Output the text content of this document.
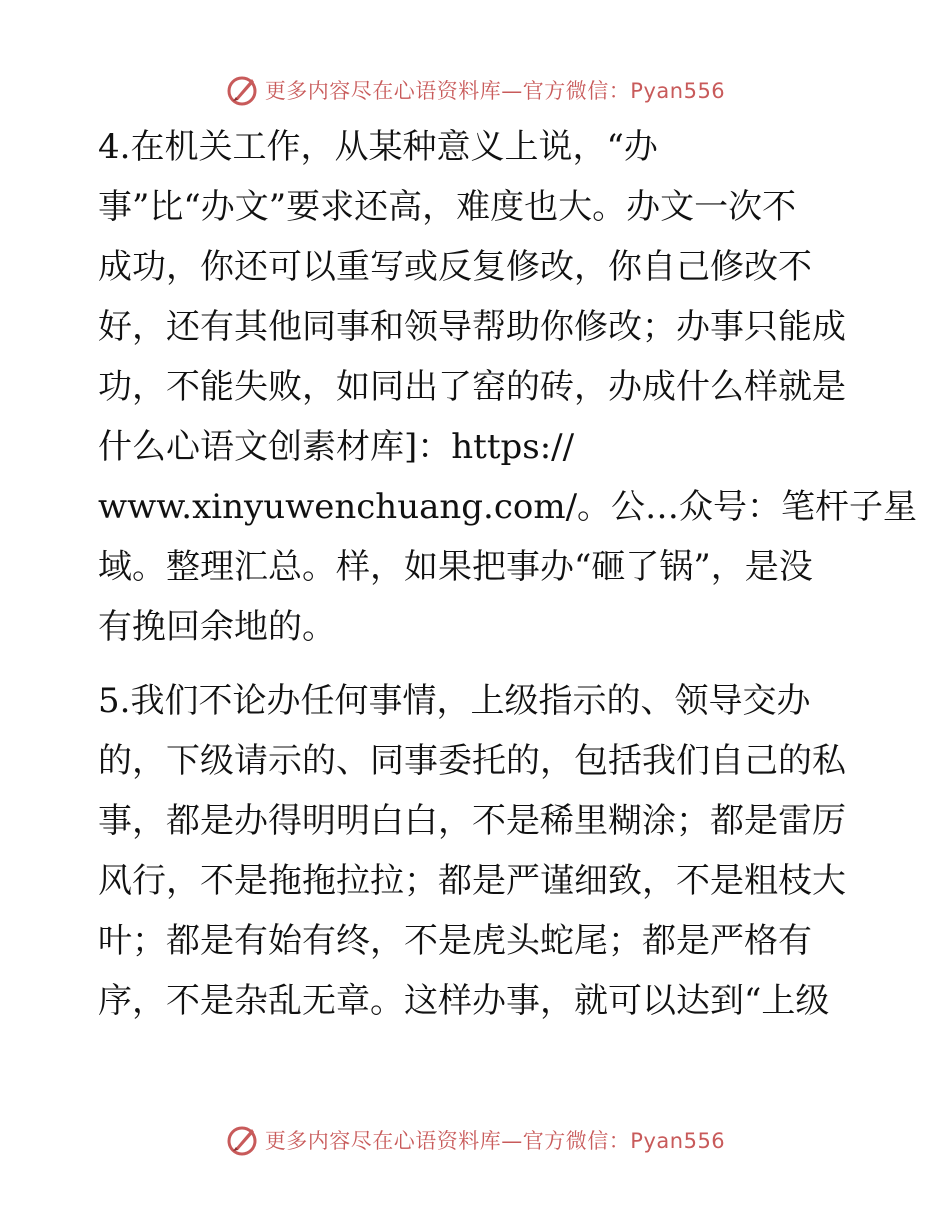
更多内容尽在心语资料库—官方微信：Pyan556
4.在机关工作，从某种意义上说，“办
事”比“办文”要求还高，难度也大。办文一次不
成功，你还可以重写或反复修改，你自己修改不
好，还有其他同事和领导帮助你修改；办事只能成
功，不能失败，如同出了窑的砖，办成什么样就是
什么心语文创素材库]：https://
www.xinyuwenchuang.com/。公…众号：笔杆子星
域。整理汇总。样，如果把事办“砸了锅”，是没
有挽回余地的。
5.我们不论办任何事情，上级指示的、领导交办
的，下级请示的、同事委托的，包括我们自己的私
事，都是办得明明白白，不是稀里糊涂；都是雷厉
风行，不是拖拖拉拉；都是严谨细致，不是粗枝大
叶；都是有始有终，不是虎头蛇尾；都是严格有
序，不是杂乱无章。这样办事，就可以达到“上级
更多内容尽在心语资料库—官方微信：Pyan556
